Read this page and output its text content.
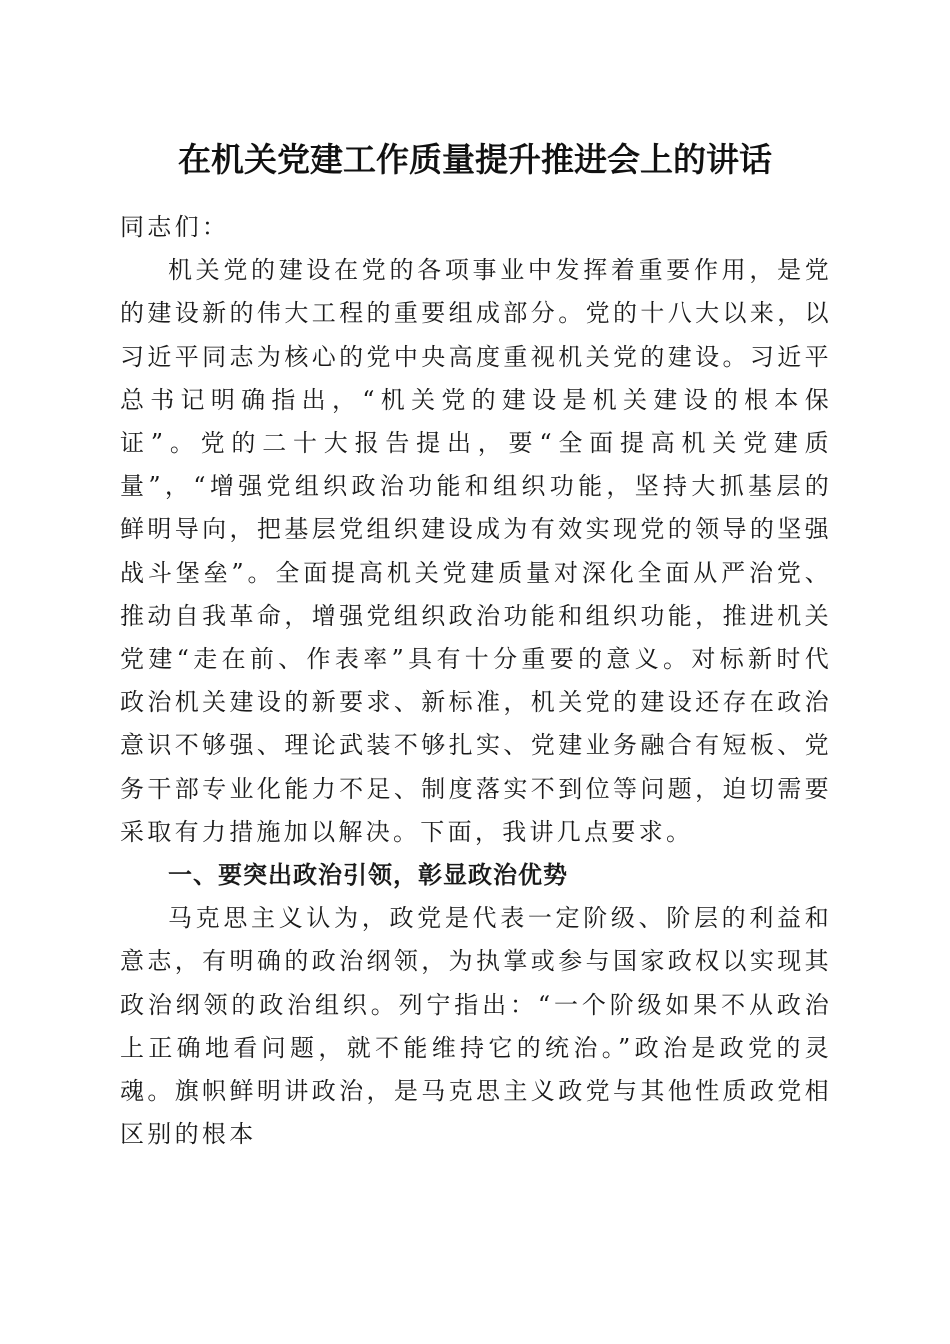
在机关党建工作质量提升推进会上的讲话

同志们：

机关党的建设在党的各项事业中发挥着重要作用，是党的建设新的伟大工程的重要组成部分。党的十八大以来，以习近平同志为核心的党中央高度重视机关党的建设。习近平总书记明确指出，“机关党的建设是机关建设的根本保证”。党的二十大报告提出，要“全面提高机关党建质量”，“增强党组织政治功能和组织功能，坚持大抓基层的鲜明导向，把基层党组织建设成为有效实现党的领导的坚强战斗堡垒”。全面提高机关党建质量对深化全面从严治党、推动自我革命，增强党组织政治功能和组织功能，推进机关党建“走在前、作表率”具有十分重要的意义。对标新时代政治机关建设的新要求、新标准，机关党的建设还存在政治意识不够强、理论武装不够扎实、党建业务融合有短板、党务干部专业化能力不足、制度落实不到位等问题，迫切需要采取有力措施加以解决。下面，我讲几点要求。

一、要突出政治引领，彰显政治优势

马克思主义认为，政党是代表一定阶级、阶层的利益和意志，有明确的政治纲领，为执掌或参与国家政权以实现其政治纲领的政治组织。列宁指出：“一个阶级如果不从政治上正确地看问题，就不能维持它的统治。”政治是政党的灵魂。旗帜鲜明讲政治，是马克思主义政党与其他性质政党相区别的根本
